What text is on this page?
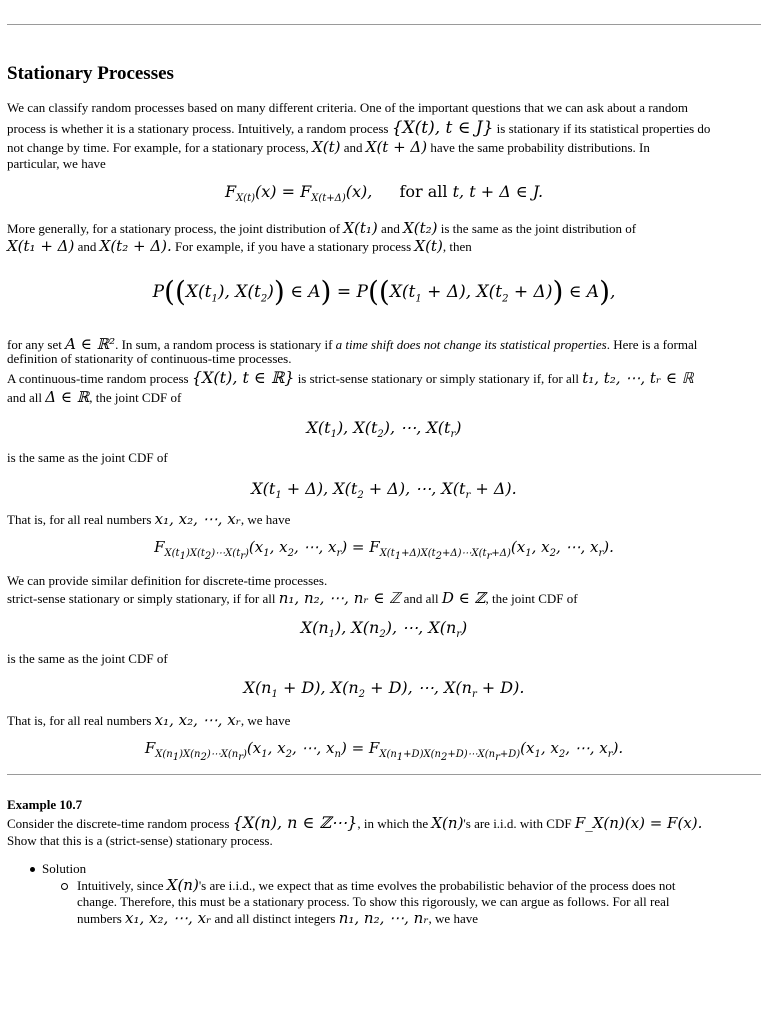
Stationary Processes
We can classify random processes based on many different criteria. One of the important questions that we can ask about a random
process is whether it is a stationary process. Intuitively, a random process {X(t), t ∈ J} is stationary if its statistical properties do
not change by time. For example, for a stationary process, X(t) and X(t + Δ) have the same probability distributions. In
particular, we have
$F_{X(t)}(x) = F_{X(t+\Delta)}(x)$, for all t, t + Δ ∈ J.
More generally, for a stationary process, the joint distribution of X(t₁) and X(t₂) is the same as the joint distribution of
X(t₁ + Δ) and X(t₂ + Δ). For example, if you have a stationary process X(t), then
$P((X(t_1)$, $X(t_2)$) ∈ $A) = P((X(t_1 + \Delta)$, $X(t_2 + \Delta)$) ∈ A),
for any set A ∈ ℝ². In sum, a random process is stationary if a time shift does not change its statistical properties. Here is a formal
definition of stationarity of continuous-time processes.
A continuous-time random process {X(t), t ∈ ℝ} is strict-sense stationary or simply stationary if, for all t₁, t₂, ⋯, tᵣ ∈ ℝ
and all Δ ∈ ℝ, the joint CDF of
$X(t_1)$, $X(t_2)$, ⋯, $X(t_r)$
is the same as the joint CDF of
$X(t_1 + \Delta)$, $X(t_2 + \Delta)$, ⋯, $X(t_r + \Delta)$.
That is, for all real numbers x₁, x₂, ⋯, xᵣ, we have
$F_{X(t_1)X(t_2)\cdots X(t_r)}(x_1$, $x_2$, ⋯, $x_r) = F_{X(t_1+\Delta)X(t_2+\Delta)\cdots X(t_r+\Delta)}(x_1$, $x_2$, ⋯, $x_r$).
We can provide similar definition for discrete-time processes.
strict-sense stationary or simply stationary, if for all n₁, n₂, ⋯, nᵣ ∈ ℤ and all D ∈ ℤ, the joint CDF of
$X(n_1)$, $X(n_2)$, ⋯, $X(n_r)$
is the same as the joint CDF of
$X(n_1 + D)$, $X(n_2 + D)$, ⋯, $X(n_r + D)$.
That is, for all real numbers x₁, x₂, ⋯, xᵣ, we have
$F_{X(n_1)X(n_2)\cdots X(n_r)}(x_1$, $x_2$, ⋯, $x_n) = F_{X(n_1+D)X(n_2+D)\cdots X(n_r+D)}(x_1$, $x_2$, ⋯, $x_r$).
Example 10.7
Consider the discrete-time random process {X(n), n ∈ ℤ⋯}, in which the X(n)'s are i.i.d. with CDF F_X(n)(x) = F(x).
Show that this is a (strict-sense) stationary process.
Solution
Intuitively, since X(n)'s are i.i.d., we expect that as time evolves the probabilistic behavior of the process does not
change. Therefore, this must be a stationary process. To show this rigorously, we can argue as follows. For all real
numbers x₁, x₂, ⋯, xᵣ and all distinct integers n₁, n₂, ⋯, nᵣ, we have
